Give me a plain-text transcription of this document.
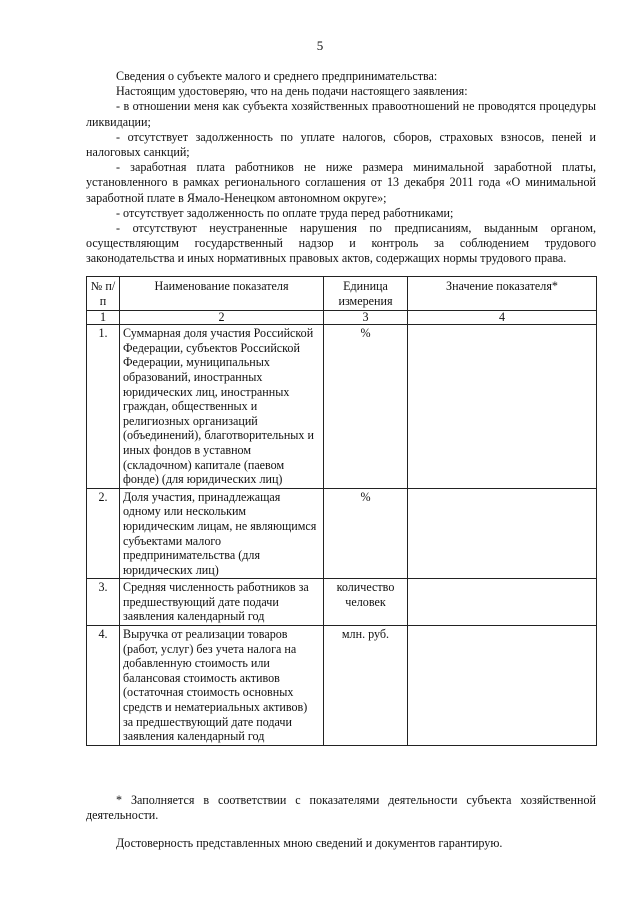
5

Сведения о субъекте малого и среднего предпринимательства:

Настоящим удостоверяю, что на день подачи настоящего заявления:

- в отношении меня как субъекта хозяйственных правоотношений не проводятся процедуры ликвидации;

- отсутствует задолженность по уплате налогов, сборов, страховых взносов, пеней и налоговых санкций;

- заработная плата работников не ниже размера минимальной заработной платы, установленного в рамках регионального соглашения от 13 декабря 2011 года «О минимальной заработной плате в Ямало-Ненецком автономном округе»;

- отсутствует задолженность по оплате труда перед работниками;

- отсутствуют неустраненные нарушения по предписаниям, выданным органом, осуществляющим государственный надзор и контроль за соблюдением трудового законодательства и иных нормативных правовых актов, содержащих нормы трудового права.

№ п/п	Наименование показателя	Единица измерения	Значение показателя*
1	2	3	4
1.	Суммарная доля участия Российской Федерации, субъектов Российской Федерации, муниципальных образований, иностранных юридических лиц, иностранных граждан, общественных и религиозных организаций (объединений), благотворительных и иных фондов в уставном (складочном) капитале (паевом фонде) (для юридических лиц)	%	
2.	Доля участия, принадлежащая одному или нескольким юридическим лицам, не являющимся субъектами малого предпринимательства (для юридических лиц)	%	
3.	Средняя численность работников за предшествующий дате подачи заявления календарный год	количество человек	
4.	Выручка от реализации товаров (работ, услуг) без учета налога на добавленную стоимость или балансовая стоимость активов (остаточная стоимость основных средств и нематериальных активов) за предшествующий дате подачи заявления календарный год	млн. руб.	

* Заполняется в соответствии с показателями деятельности субъекта хозяйственной деятельности.

Достоверность представленных мною сведений и документов гарантирую.
